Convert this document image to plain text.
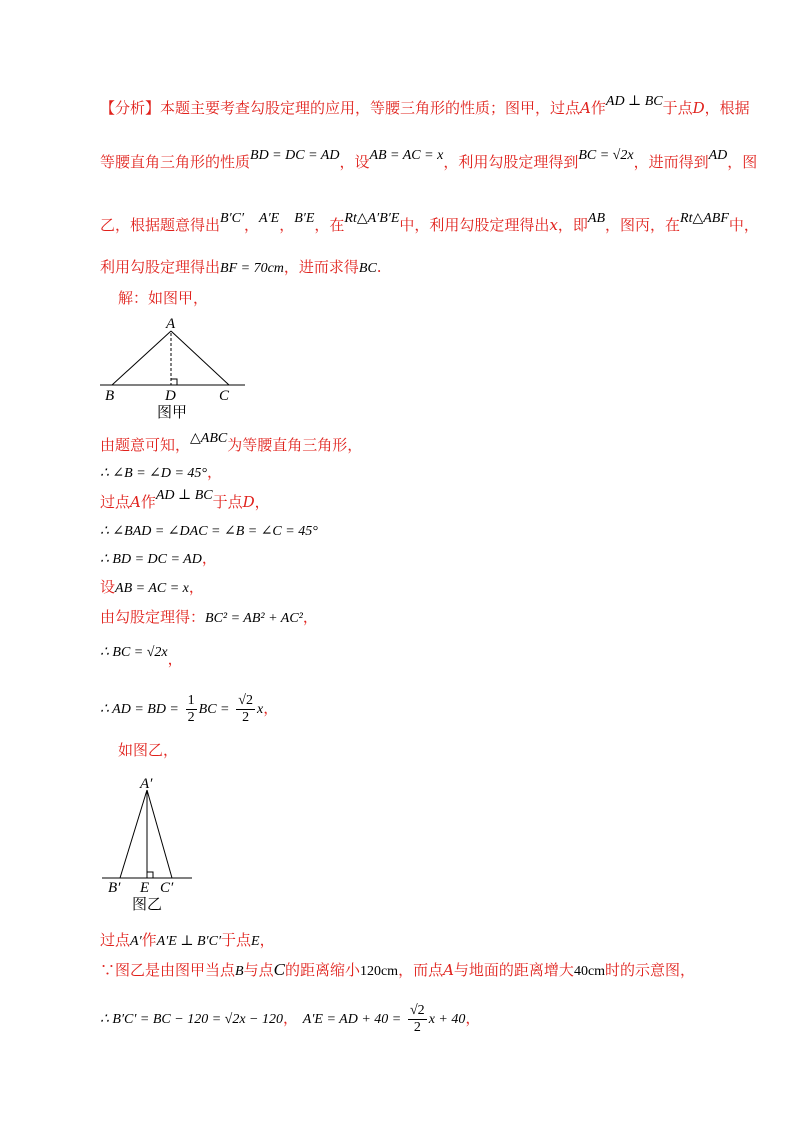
【分析】本题主要考查勾股定理的应用，等腰三角形的性质；图甲，过点A作AD ⊥ BC于点D，根据
等腰直角三角形的性质BD = DC = AD，设AB = AC = x，利用勾股定理得到BC = √2x，进而得到AD，图
乙，根据题意得出B′C′，A′E，B′E，在Rt△A′B′E中，利用勾股定理得出x，即AB，图丙，在Rt△ABF中，
利用勾股定理得出BF = 70cm，进而求得BC.
解：如图甲，
A
B	D	C
图甲
由题意可知，△ABC为等腰直角三角形，
∴ ∠B = ∠D = 45°，
过点A作AD ⊥ BC于点D，
∴ ∠BAD = ∠DAC = ∠B = ∠C = 45°
∴ BD = DC = AD，
设AB = AC = x，
由勾股定理得：BC² = AB² + AC²，
∴ BC = √2x，
∴ AD = BD = $\frac{1}{2}$ BC = $\frac{√2}{2}$ x，
如图乙，
A′
B′ E C′
图乙
过点A′作A′E ⊥ B′C′于点E，
∵图乙是由图甲当点B与点C的距离缩小120cm，而点A与地面的距离增大40cm时的示意图，
∴ B′C′ = BC − 120 = √2x − 120， A′E = AD + $40 = \frac{√2}{2}$ x + 40，
